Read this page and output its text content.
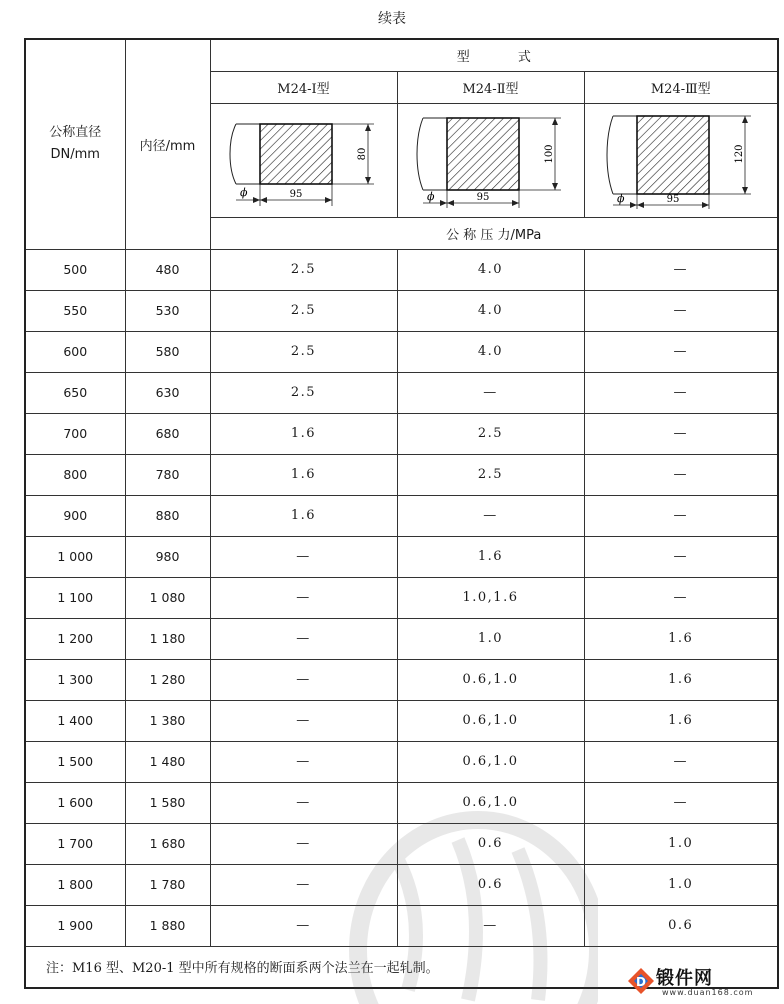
续表
公称直径
DN/mm	内径/mm	型 式		
		M24-Ⅰ型	M24-Ⅱ型	M24-Ⅲ型

80
95
ϕ	100
95
ϕ	120
95
ϕ

		公 称 压 力/MPa		
500	480	2.5	4.0	—
550	530	2.5	4.0	—
600	580	2.5	4.0	—
650	630	2.5	—	—
700	680	1.6	2.5	—
800	780	1.6	2.5	—
900	880	1.6	—	—
1 000	980	—	1.6	—
1 100	1 080	—	1.0,1.6	—
1 200	1 180	—	1.0	1.6
1 300	1 280	—	0.6,1.0	1.6
1 400	1 380	—	0.6,1.0	1.6
1 500	1 480	—	0.6,1.0	—
1 600	1 580	—	0.6,1.0	—
1 700	1 680	—	0.6	1.0
1 800	1 780	—	0.6	1.0
1 900	1 880	—	—	0.6
注：M16 型、M20-1 型中所有规格的断面系两个法兰在一起轧制。				
D 锻件网
www.duan168.com
